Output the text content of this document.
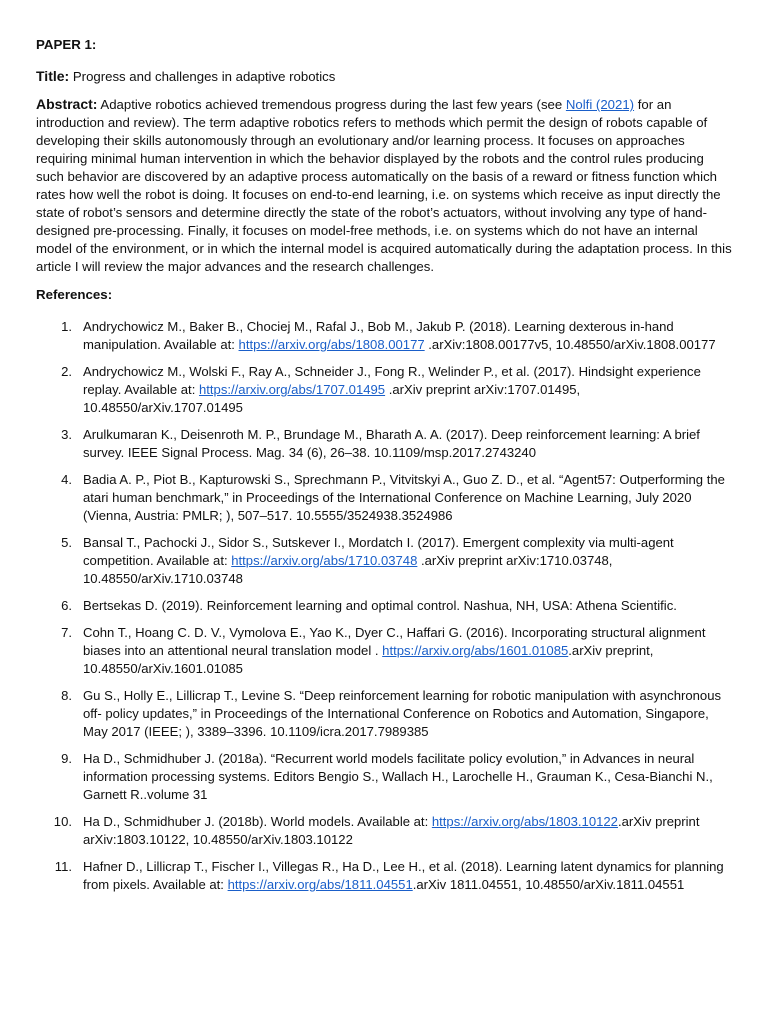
PAPER 1:
Title: Progress and challenges in adaptive robotics
Abstract: Adaptive robotics achieved tremendous progress during the last few years (see Nolfi (2021) for an introduction and review). The term adaptive robotics refers to methods which permit the design of robots capable of developing their skills autonomously through an evolutionary and/or learning process. It focuses on approaches requiring minimal human intervention in which the behavior displayed by the robots and the control rules producing such behavior are discovered by an adaptive process automatically on the basis of a reward or fitness function which rates how well the robot is doing. It focuses on end-to-end learning, i.e. on systems which receive as input directly the state of robot’s sensors and determine directly the state of the robot’s actuators, without involving any type of hand-designed pre-processing. Finally, it focuses on model-free methods, i.e. on systems which do not have an internal model of the environment, or in which the internal model is acquired automatically during the adaptation process. In this article I will review the major advances and the research challenges.
References:
1. Andrychowicz M., Baker B., Chociej M., Rafal J., Bob M., Jakub P. (2018). Learning dexterous in-hand manipulation. Available at: https://arxiv.org/abs/1808.00177 .arXiv:1808.00177v5, 10.48550/arXiv.1808.00177
2. Andrychowicz M., Wolski F., Ray A., Schneider J., Fong R., Welinder P., et al. (2017). Hindsight experience replay. Available at: https://arxiv.org/abs/1707.01495 .arXiv preprint arXiv:1707.01495, 10.48550/arXiv.1707.01495
3. Arulkumaran K., Deisenroth M. P., Brundage M., Bharath A. A. (2017). Deep reinforcement learning: A brief survey. IEEE Signal Process. Mag. 34 (6), 26–38. 10.1109/msp.2017.2743240
4. Badia A. P., Piot B., Kapturowski S., Sprechmann P., Vitvitskyi A., Guo Z. D., et al. “Agent57: Outperforming the atari human benchmark,” in Proceedings of the International Conference on Machine Learning, July 2020 (Vienna, Austria: PMLR; ), 507–517. 10.5555/3524938.3524986
5. Bansal T., Pachocki J., Sidor S., Sutskever I., Mordatch I. (2017). Emergent complexity via multi-agent competition. Available at: https://arxiv.org/abs/1710.03748 .arXiv preprint arXiv:1710.03748, 10.48550/arXiv.1710.03748
6. Bertsekas D. (2019). Reinforcement learning and optimal control. Nashua, NH, USA: Athena Scientific.
7. Cohn T., Hoang C. D. V., Vymolova E., Yao K., Dyer C., Haffari G. (2016). Incorporating structural alignment biases into an attentional neural translation model . https://arxiv.org/abs/1601.01085.arXiv preprint, 10.48550/arXiv.1601.01085
8. Gu S., Holly E., Lillicrap T., Levine S. “Deep reinforcement learning for robotic manipulation with asynchronous off- policy updates,” in Proceedings of the International Conference on Robotics and Automation, Singapore, May 2017 (IEEE; ), 3389–3396. 10.1109/icra.2017.7989385
9. Ha D., Schmidhuber J. (2018a). “Recurrent world models facilitate policy evolution,” in Advances in neural information processing systems. Editors Bengio S., Wallach H., Larochelle H., Grauman K., Cesa-Bianchi N., Garnett R..volume 31
10. Ha D., Schmidhuber J. (2018b). World models. Available at: https://arxiv.org/abs/1803.10122.arXiv preprint arXiv:1803.10122, 10.48550/arXiv.1803.10122
11. Hafner D., Lillicrap T., Fischer I., Villegas R., Ha D., Lee H., et al. (2018). Learning latent dynamics for planning from pixels. Available at: https://arxiv.org/abs/1811.04551.arXiv 1811.04551, 10.48550/arXiv.1811.04551
